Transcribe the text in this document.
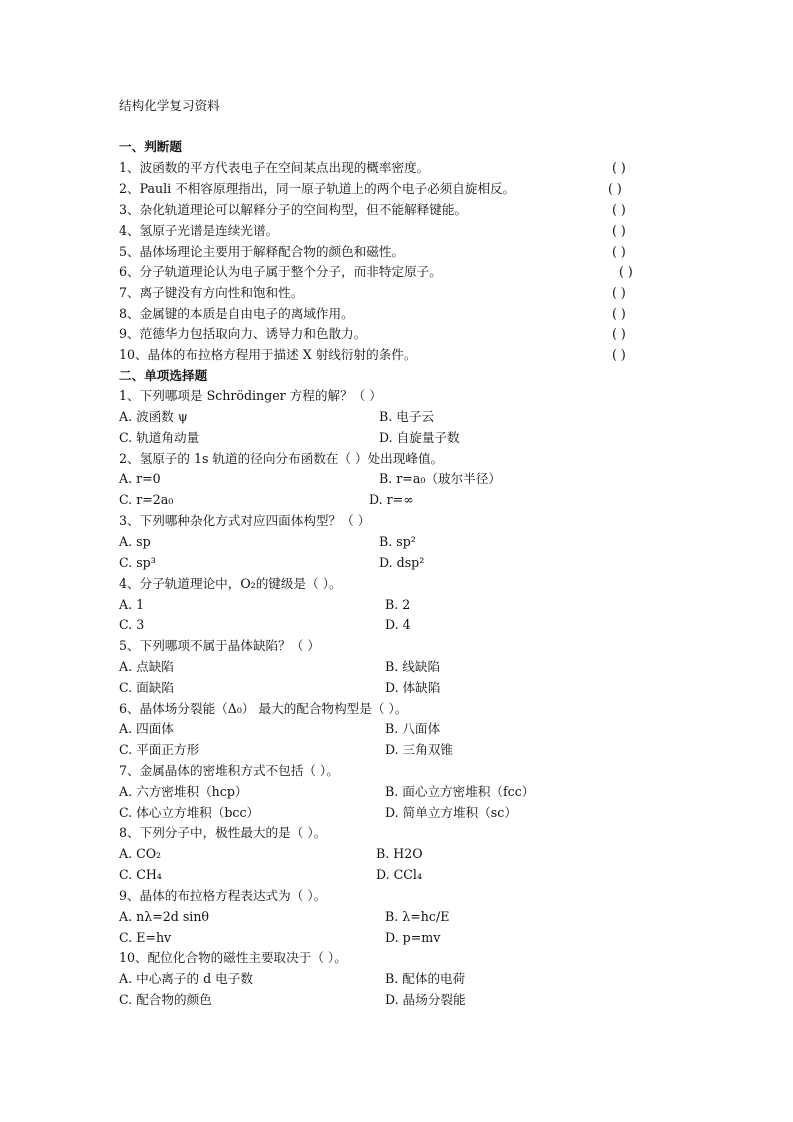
结构化学复习资料
一、判断题
1、波函数的平方代表电子在空间某点出现的概率密度。	( )
2、Pauli 不相容原理指出，同一原子轨道上的两个电子必须自旋相反。	( )
3、杂化轨道理论可以解释分子的空间构型，但不能解释键能。	( )
4、氢原子光谱是连续光谱。	( )
5、晶体场理论主要用于解释配合物的颜色和磁性。	( )
6、分子轨道理论认为电子属于整个分子，而非特定原子。	( )
7、离子键没有方向性和饱和性。	( )
8、金属键的本质是自由电子的离域作用。	( )
9、范德华力包括取向力、诱导力和色散力。	( )
10、晶体的布拉格方程用于描述 X 射线衍射的条件。	( )
二、单项选择题
1、下列哪项是 Schrödinger 方程的解？（ ）
A. 波函数 ψ	B. 电子云
C. 轨道角动量	D. 自旋量子数
2、氢原子的 1s 轨道的径向分布函数在（ ）处出现峰值。
A. r=0	B. r=a₀（玻尔半径）
C. r=2a₀	D. r=∞
3、下列哪种杂化方式对应四面体构型？（ ）
A. sp	B. sp²
C. sp³	D. dsp²
4、分子轨道理论中，O₂的键级是（ ）。
A. 1	B. 2
C. 3	D. 4
5、下列哪项不属于晶体缺陷？（ ）
A. 点缺陷	B. 线缺陷
C. 面缺陷	D. 体缺陷
6、晶体场分裂能（Δ₀） 最大的配合物构型是（ ）。
A. 四面体	B. 八面体
C. 平面正方形	D. 三角双锥
7、金属晶体的密堆积方式不包括（ ）。
A. 六方密堆积（hcp）	B. 面心立方密堆积（fcc）
C. 体心立方堆积（bcc）	D. 简单立方堆积（sc）
8、下列分子中，极性最大的是（ ）。
A. CO₂	B. H2O
C. CH₄	D. CCl₄
9、晶体的布拉格方程表达式为（ ）。
A. nλ=2d sinθ	B. λ=hc/E
C. E=hv	D. p=mv
10、配位化合物的磁性主要取决于（ ）。
A. 中心离子的 d 电子数	B. 配体的电荷
C. 配合物的颜色	D. 晶场分裂能
